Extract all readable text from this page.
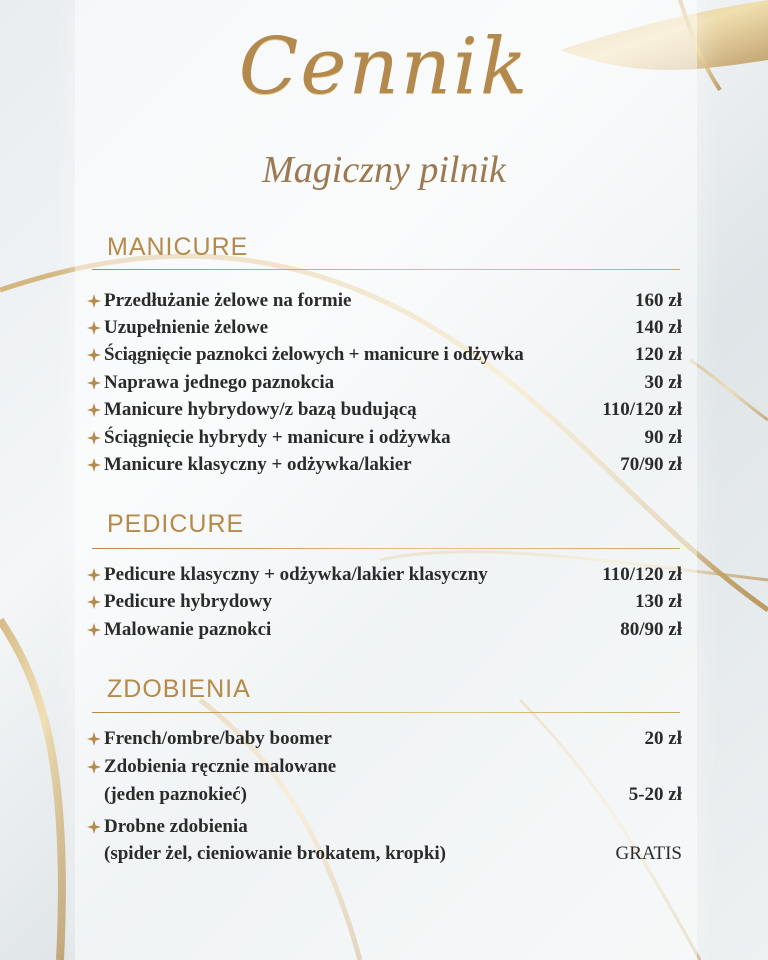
Cennik
Magiczny pilnik
MANICURE
Przedłużanie żelowe na formie	160 zł
Uzupełnienie żelowe	140 zł
Ściągnięcie paznokci żelowych + manicure i odżywka	120 zł
Naprawa jednego paznokcia	30 zł
Manicure hybrydowy/z bazą budującą	110/120 zł
Ściągnięcie hybrydy + manicure i odżywka	90 zł
Manicure klasyczny + odżywka/lakier	70/90 zł
PEDICURE
Pedicure klasyczny + odżywka/lakier klasyczny	110/120 zł
Pedicure hybrydowy	130 zł
Malowanie paznokci	80/90 zł
ZDOBIENIA
French/ombre/baby boomer	20 zł
Zdobienia ręcznie malowane
(jeden paznokieć)	5-20 zł
Drobne zdobienia
(spider żel, cieniowanie brokatem, kropki)	GRATIS
